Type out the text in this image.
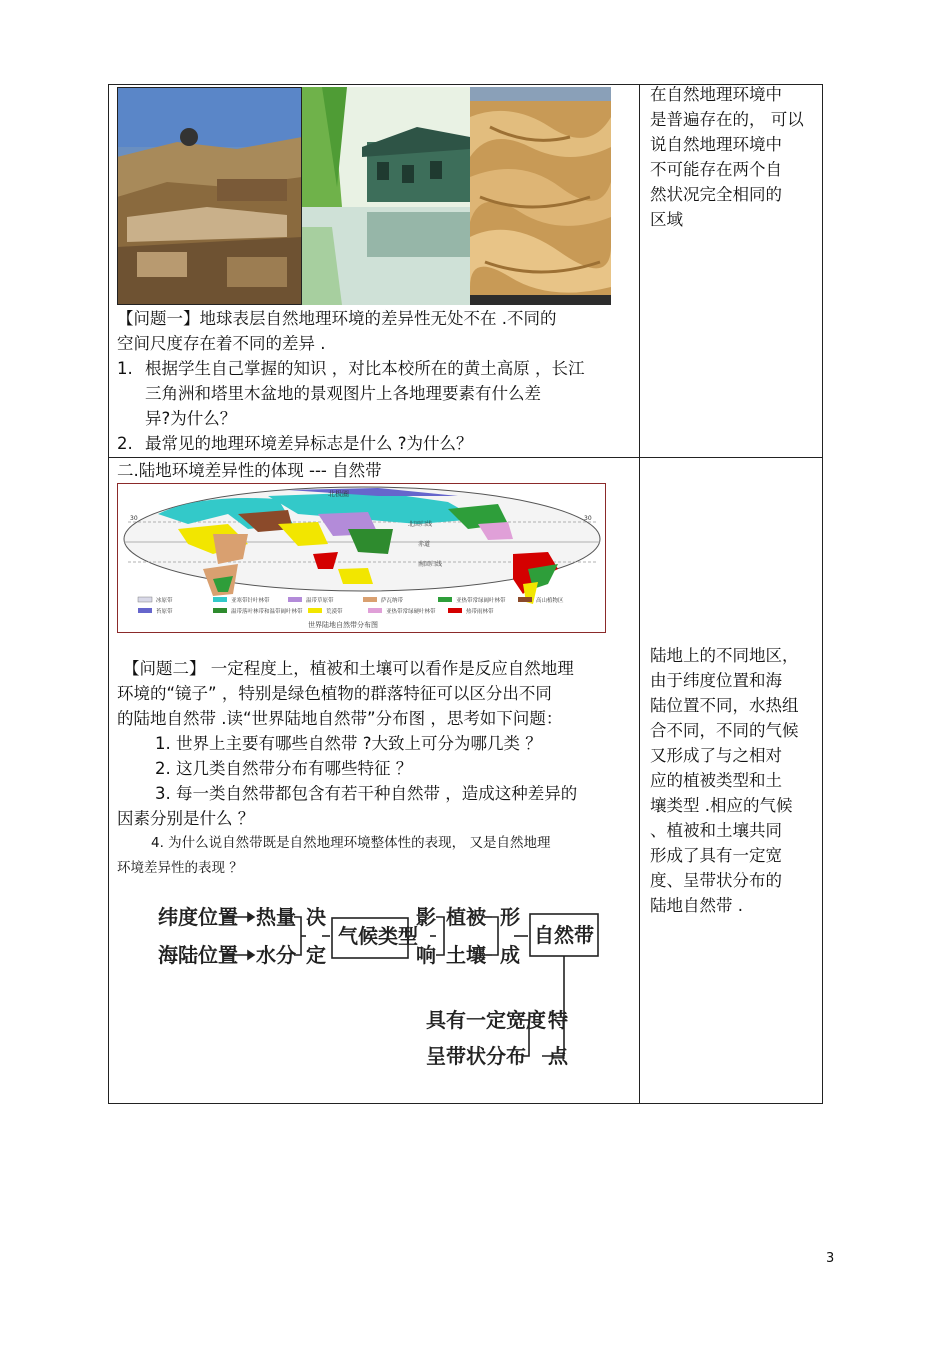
【问题一】地球表层自然地理环境的差异性无处不在 .不同的
空间尺度存在着不同的差异 .
1. 根据学生自己掌握的知识 ，对比本校所在的黄土高原 ，长江
三角洲和塔里木盆地的景观图片上各地理要素有什么差
异?为什么？
2. 最常见的地理环境差异标志是什么 ?为什么？
在自然地理环境中
是普遍存在的， 可以
说自然地理环境中
不可能存在两个自
然状况完全相同的
区域
二.陆地环境差异性的体现 --- 自然带
北极圈
北回归线
赤道
南回归线
30	30
冰原带	亚寒带针叶林带	温带草原带	萨瓦纳带	亚热带常绿阔叶林带	高山植物区
苔原带	温带落叶林带和温带阔叶林带	荒漠带	亚热带常绿硬叶林带	热带雨林带
世界陆地自然带分布图
【问题二】 一定程度上，植被和土壤可以看作是反应自然地理
环境的“镜子” ，特别是绿色植物的群落特征可以区分出不同
的陆地自然带 .读“世界陆地自然带”分布图 ，思考如下问题：
1. 世界上主要有哪些自然带 ?大致上可分为哪几类 ？
2. 这几类自然带分布有哪些特征 ？
3. 每一类自然带都包含有若干种自然带 ，造成这种差异的
因素分别是什么 ？
4. 为什么说自然带既是自然地理环境整体性的表现， 又是自然地理
环境差异性的表现 ？
纬度位置
海陆位置
热量
水分
决
定
气候类型
影
响
植被
土壤
形
成
自然带
具有一定宽度
呈带状分布
特
点
陆地上的不同地区，
由于纬度位置和海
陆位置不同，水热组
合不同，不同的气候
又形成了与之相对
应的植被类型和土
壤类型 .相应的气候
、植被和土壤共同
形成了具有一定宽
度、呈带状分布的
陆地自然带 .
3
